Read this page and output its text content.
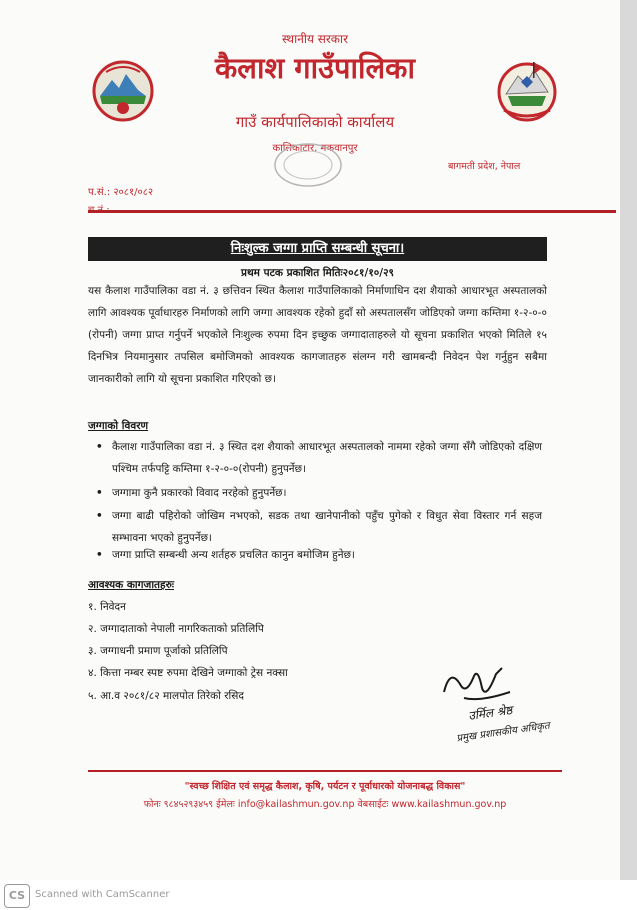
स्थानीय सरकार
कैलाश गाउँपालिका
गाउँ कार्यपालिकाको कार्यालय
कालिकाटार, मकवानपुर
बागमती प्रदेश, नेपाल
प.सं.: २०८१/०८२
निःशुल्क जग्गा प्राप्ति सम्बन्धी सूचना।
प्रथम पटक प्रकाशित मितिः२०८१/१०/२९
यस कैलाश गाउँपालिका वडा नं. ३ छत्तिवन स्थित कैलाश गाउँपालिकाको निर्माणाधिन दश शैयाको आधारभूत अस्पतालको लागि आवश्यक पूर्वाधारहरु निर्माणको लागि जग्गा आवश्यक रहेको हुदाँ सो अस्पतालसँग जोडिएको जग्गा कम्तिमा १-२-०-० (रोपनी) जग्गा प्राप्त गर्नुपर्ने भएकोले निःशुल्क रुपमा दिन इच्छुक जग्गादाताहरुले यो सूचना प्रकाशित भएको मितिले १५ दिनभित्र नियमानुसार तपसिल बमोजिमको आवश्यक कागजातहरु संलग्न गरी खामबन्दी निवेदन पेश गर्नुहुन सबैमा जानकारीको लागि यो सूचना प्रकाशित गरिएको छ।
जग्गाको विवरण
• कैलाश गाउँपालिका वडा नं. ३ स्थित दश शैयाको आधारभूत अस्पतालको नाममा रहेको जग्गा सँगै जोडिएको दक्षिण पश्चिम तर्फपट्टि कम्तिमा १-२-०-०(रोपनी) हुनुपर्नेछ।
• जग्गामा कुनै प्रकारको विवाद नरहेको हुनुपर्नेछ।
• जग्गा बाढी पहिरोको जोखिम नभएको, सडक तथा खानेपानीको पहुँच पुगेको र विधुत सेवा विस्तार गर्न सहज सम्भावना भएको हुनुपर्नेछ।
• जग्गा प्राप्ति सम्बन्धी अन्य शर्तहरु प्रचलित कानुन बमोजिम हुनेछ।
आवश्यक कागजातहरुः
१. निवेदन
२. जग्गादाताको नेपाली नागरिकताको प्रतिलिपि
३. जग्गाधनी प्रमाण पूर्जाको प्रतिलिपि
४. कित्ता नम्बर स्पष्ट रुपमा देखिने जग्गाको ट्रेस नक्सा
५. आ.व २०८१/८२ मालपोत तिरेको रसिद
उर्मिल श्रेष्ठ
प्रमुख प्रशासकीय अधिकृत
"स्वच्छ शिक्षित एवं समृद्ध कैलाश, कृषि, पर्यटन र पूर्वाधारको योजनाबद्ध विकास"
फोनः ९८४५२९३४५९ ईमेलः info@kailashmun.gov.np वेबसाईटः www.kailashmun.gov.np
CS Scanned with CamScanner
